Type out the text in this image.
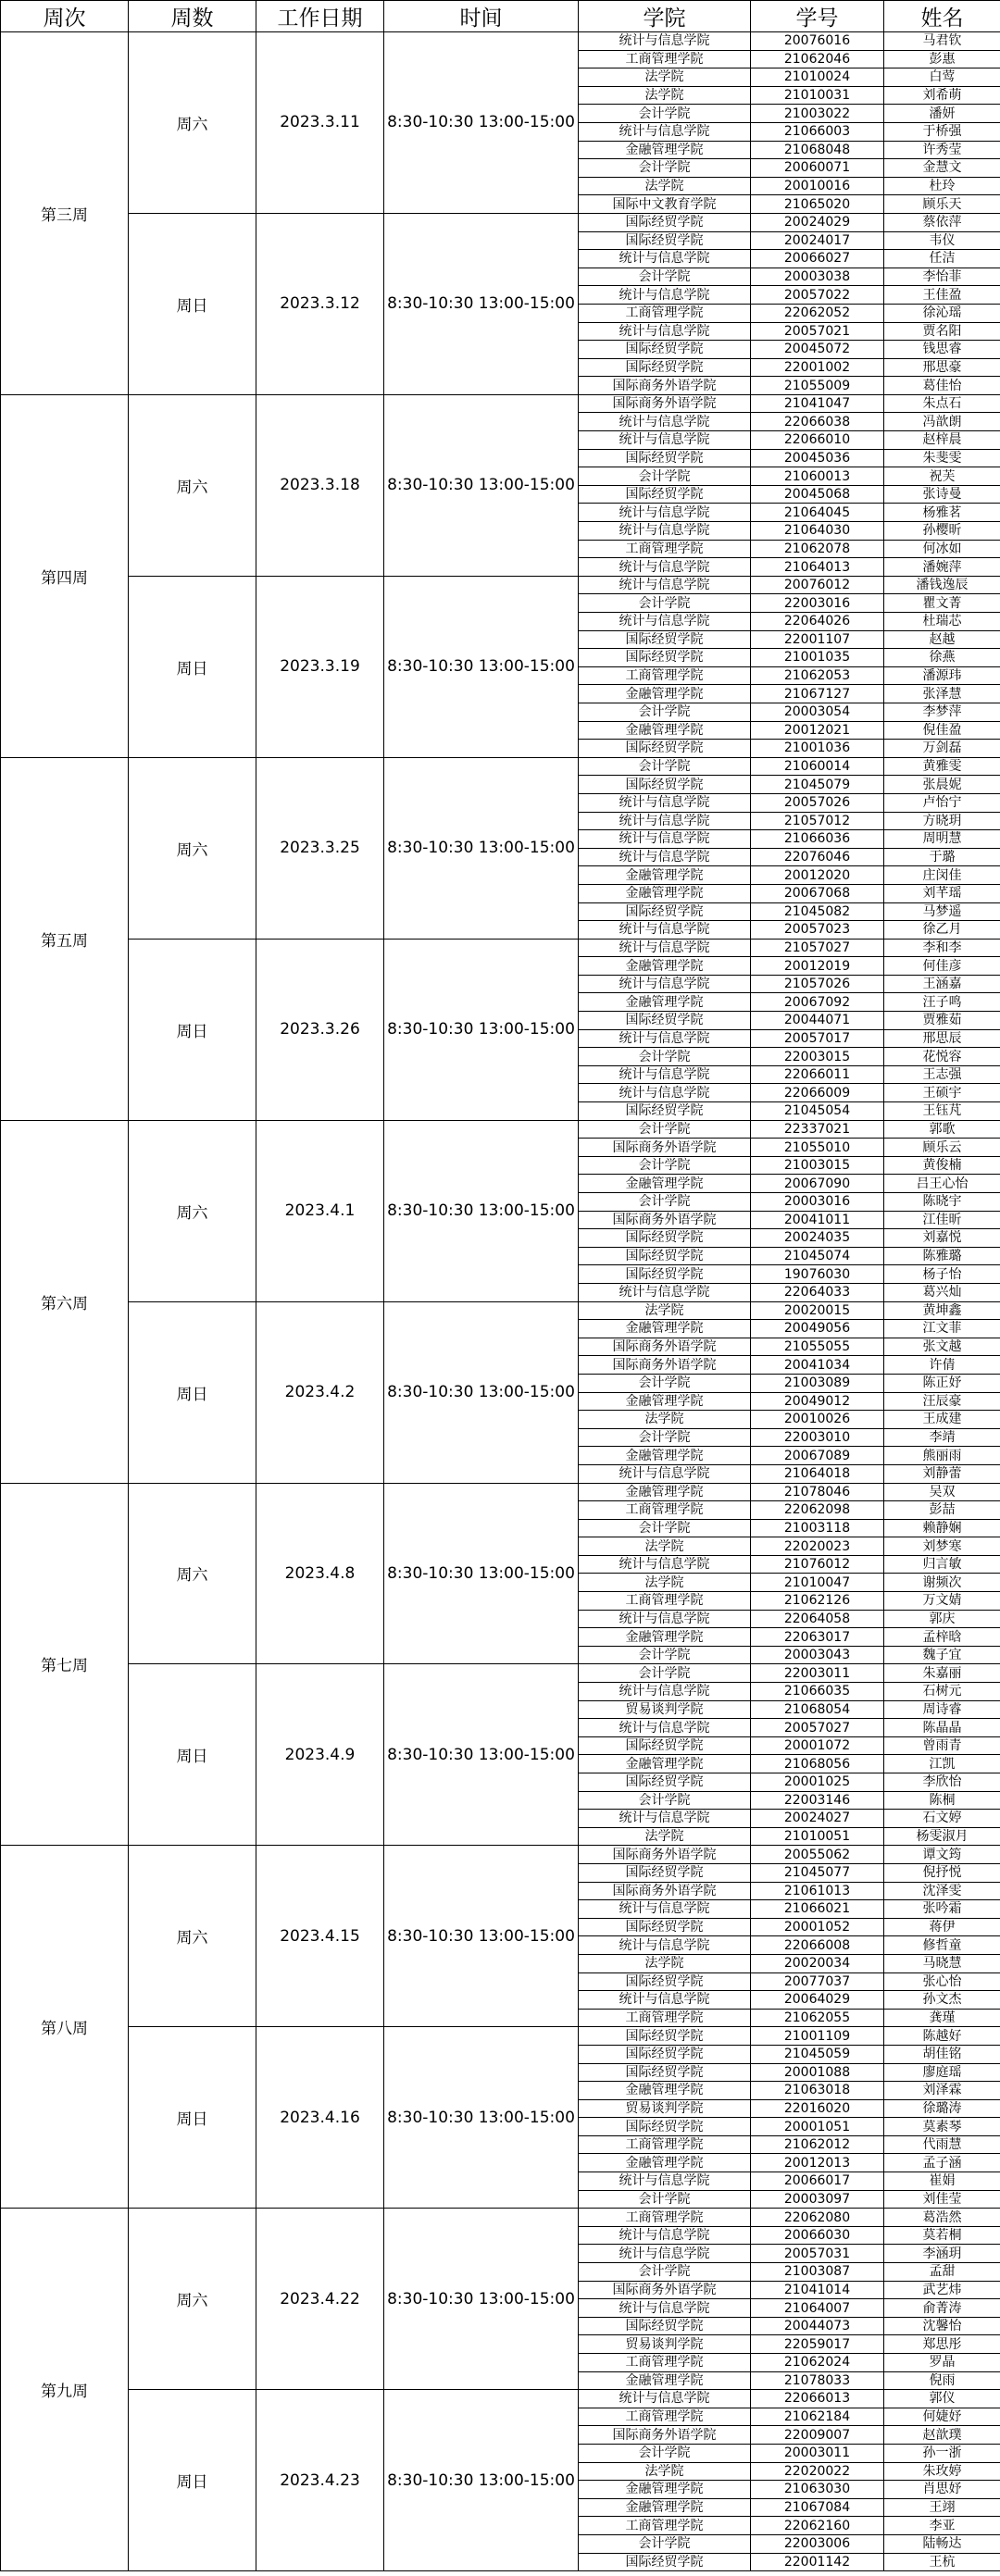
周次	周数	工作日期	时间	学院	学号	姓名
第三周	周六	2023.3.11	8:30-10:30 13:00-15:00	统计与信息学院	20076016	马君钦
				工商管理学院	21062046	彭惠
				法学院	21010024	白莺
				法学院	21010031	刘希萌
				会计学院	21003022	潘妍
				统计与信息学院	21066003	于桥强
				金融管理学院	21068048	许秀莹
				会计学院	20060071	金慧文
				法学院	20010016	杜玲
				国际中文教育学院	21065020	顾乐天
	周日	2023.3.12	8:30-10:30 13:00-15:00	国际经贸学院	20024029	蔡依萍
				国际经贸学院	20024017	韦仪
				统计与信息学院	20066027	任洁
				会计学院	20003038	李怡菲
				统计与信息学院	20057022	王佳盈
				工商管理学院	22062052	徐沁瑶
				统计与信息学院	20057021	贾名阳
				国际经贸学院	20045072	钱思睿
				国际经贸学院	22001002	邢思豪
				国际商务外语学院	21055009	葛佳怡
第四周	周六	2023.3.18	8:30-10:30 13:00-15:00	国际商务外语学院	21041047	朱点石
				统计与信息学院	22066038	冯歆朗
				统计与信息学院	22066010	赵梓晨
				国际经贸学院	20045036	朱斐雯
				会计学院	21060013	祝芙
				国际经贸学院	20045068	张诗曼
				统计与信息学院	21064045	杨雅茗
				统计与信息学院	21064030	孙樱昕
				工商管理学院	21062078	何冰如
				统计与信息学院	21064013	潘婉萍
	周日	2023.3.19	8:30-10:30 13:00-15:00	统计与信息学院	20076012	潘钱逸辰
				会计学院	22003016	瞿文菁
				统计与信息学院	22064026	杜瑞芯
				国际经贸学院	22001107	赵越
				国际经贸学院	21001035	徐燕
				工商管理学院	21062053	潘源玮
				金融管理学院	21067127	张泽慧
				会计学院	20003054	李梦萍
				金融管理学院	20012021	倪佳盈
				国际经贸学院	21001036	万剑磊
第五周	周六	2023.3.25	8:30-10:30 13:00-15:00	会计学院	21060014	黄雅雯
				国际经贸学院	21045079	张晨妮
				统计与信息学院	20057026	卢怡宁
				统计与信息学院	21057012	方晓玥
				统计与信息学院	21066036	周明慧
				统计与信息学院	22076046	于璐
				金融管理学院	20012020	庄闵佳
				金融管理学院	20067068	刘芊瑶
				国际经贸学院	21045082	马梦遥
				统计与信息学院	20057023	徐乙月
	周日	2023.3.26	8:30-10:30 13:00-15:00	统计与信息学院	21057027	李和李
				金融管理学院	20012019	何佳彦
				统计与信息学院	21057026	王涵嘉
				金融管理学院	20067092	汪子鸣
				国际经贸学院	20044071	贾雅茹
				统计与信息学院	20057017	邢思辰
				会计学院	22003015	花悦容
				统计与信息学院	22066011	王志强
				统计与信息学院	22066009	王硕宇
				国际经贸学院	21045054	王钰芃
第六周	周六	2023.4.1	8:30-10:30 13:00-15:00	会计学院	22337021	郭歌
				国际商务外语学院	21055010	顾乐云
				会计学院	21003015	黄俊楠
				金融管理学院	20067090	吕王心怡
				会计学院	20003016	陈晓宇
				国际商务外语学院	20041011	江佳昕
				国际经贸学院	20024035	刘嘉悦
				国际经贸学院	21045074	陈雅璐
				国际经贸学院	19076030	杨子怡
				统计与信息学院	22064033	葛兴灿
	周日	2023.4.2	8:30-10:30 13:00-15:00	法学院	20020015	黄坤鑫
				金融管理学院	20049056	江文菲
				国际商务外语学院	21055055	张文越
				国际商务外语学院	20041034	许倩
				会计学院	21003089	陈正妤
				金融管理学院	20049012	汪辰豪
				法学院	20010026	王成建
				会计学院	22003010	李靖
				金融管理学院	20067089	熊丽雨
				统计与信息学院	21064018	刘静蕾
第七周	周六	2023.4.8	8:30-10:30 13:00-15:00	金融管理学院	21078046	吴双
				工商管理学院	22062098	彭喆
				会计学院	21003118	赖静娴
				法学院	22020023	刘梦寒
				统计与信息学院	21076012	归言敏
				法学院	21010047	谢频次
				工商管理学院	21062126	万文婧
				统计与信息学院	22064058	郭庆
				金融管理学院	22063017	孟梓晗
				会计学院	20003043	魏子宜
	周日	2023.4.9	8:30-10:30 13:00-15:00	会计学院	22003011	朱嘉丽
				统计与信息学院	21066035	石树元
				贸易谈判学院	21068054	周诗睿
				统计与信息学院	20057027	陈晶晶
				国际经贸学院	20001072	曾雨青
				金融管理学院	21068056	江凯
				国际经贸学院	20001025	李欣怡
				会计学院	22003146	陈桐
				统计与信息学院	20024027	石文婷
				法学院	21010051	杨雯淑月
第八周	周六	2023.4.15	8:30-10:30 13:00-15:00	国际商务外语学院	20055062	谭文筠
				国际经贸学院	21045077	倪抒悦
				国际商务外语学院	21061013	沈泽雯
				统计与信息学院	21066021	张吟霜
				国际经贸学院	20001052	蒋伊
				统计与信息学院	22066008	修哲童
				法学院	20020034	马晓慧
				国际经贸学院	20077037	张心怡
				统计与信息学院	20064029	孙文杰
				工商管理学院	21062055	龚瑾
	周日	2023.4.16	8:30-10:30 13:00-15:00	国际经贸学院	21001109	陈越好
				国际经贸学院	21045059	胡佳铭
				国际经贸学院	20001088	廖庭瑶
				金融管理学院	21063018	刘泽霖
				贸易谈判学院	22016020	徐璐涛
				国际经贸学院	20001051	莫素琴
				工商管理学院	21062012	代雨慧
				金融管理学院	20012013	孟子涵
				统计与信息学院	20066017	崔娟
				会计学院	20003097	刘佳莹
第九周	周六	2023.4.22	8:30-10:30 13:00-15:00	工商管理学院	22062080	葛浩然
				统计与信息学院	20066030	莫若桐
				统计与信息学院	20057031	李涵玥
				会计学院	21003087	孟甜
				国际商务外语学院	21041014	武艺炜
				统计与信息学院	21064007	俞菁涛
				国际经贸学院	20044073	沈馨怡
				贸易谈判学院	22059017	郑思彤
				工商管理学院	21062024	罗晶
				金融管理学院	21078033	倪雨
	周日	2023.4.23	8:30-10:30 13:00-15:00	统计与信息学院	22066013	郭仪
				工商管理学院	21062184	何婕妤
				国际商务外语学院	22009007	赵歆璞
				会计学院	20003011	孙一浙
				法学院	22020022	朱玫婷
				金融管理学院	21063030	肖思妤
				金融管理学院	21067084	王翊
				工商管理学院	22062160	李亚
				会计学院	22003006	陆畅达
				国际经贸学院	22001142	王杭
